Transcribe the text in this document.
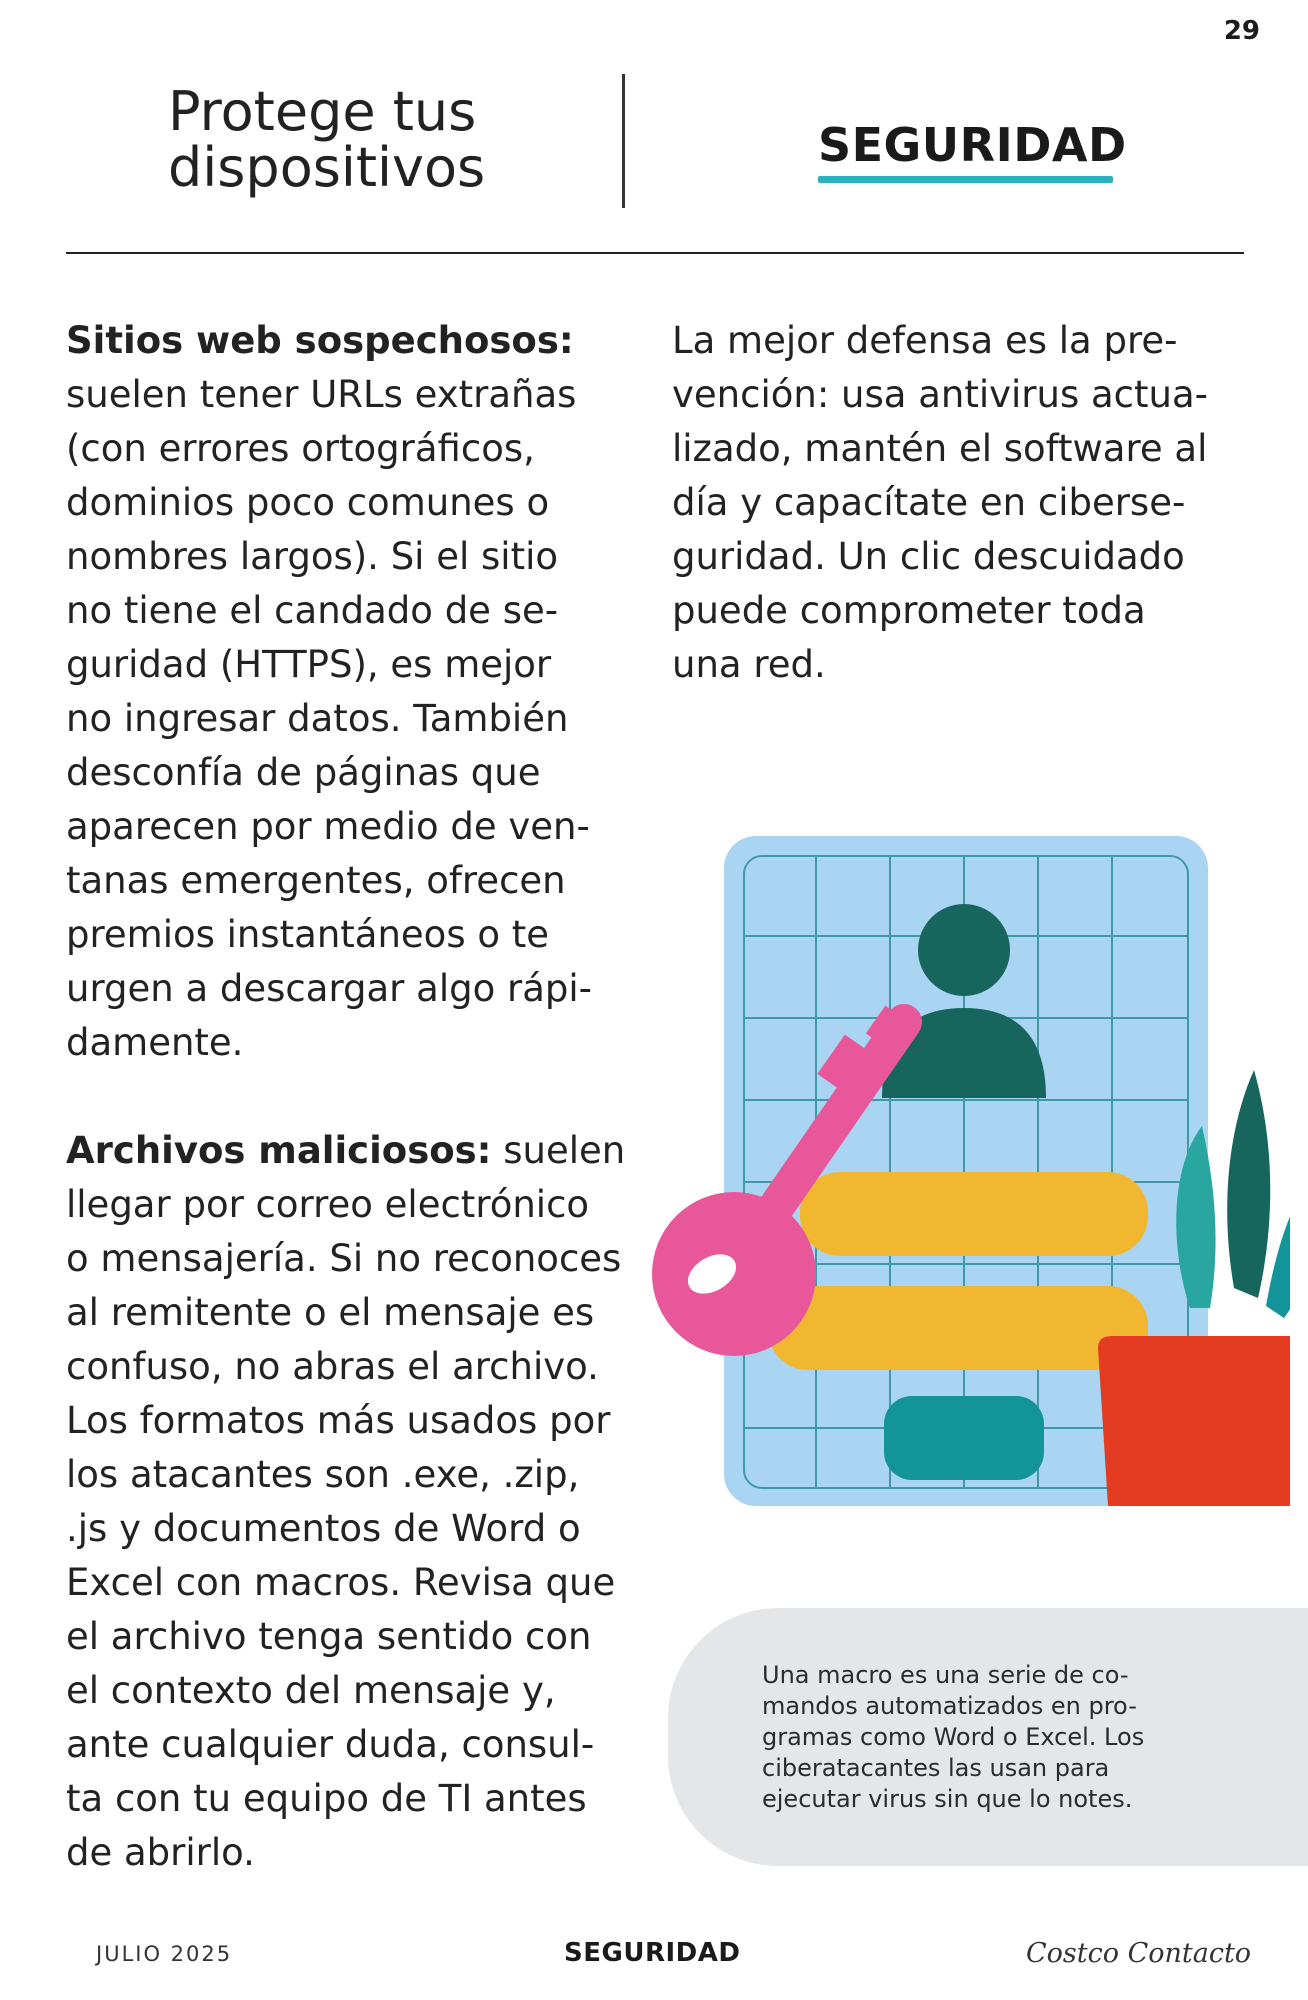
29
Protege tus
dispositivos	SEGURIDAD

Sitios web sospechosos:
suelen tener URLs extrañas
(con errores ortográficos,
dominios poco comunes o
nombres largos). Si el sitio
no tiene el candado de se-
guridad (HTTPS), es mejor
no ingresar datos. También
desconfía de páginas que
aparecen por medio de ven-
tanas emergentes, ofrecen
premios instantáneos o te
urgen a descargar algo rápi-
damente.

Archivos maliciosos: suelen
llegar por correo electrónico
o mensajería. Si no reconoces
al remitente o el mensaje es
confuso, no abras el archivo.
Los formatos más usados por
los atacantes son .exe, .zip,
.js y documentos de Word o
Excel con macros. Revisa que
el archivo tenga sentido con
el contexto del mensaje y,
ante cualquier duda, consul-
ta con tu equipo de TI antes
de abrirlo.

La mejor defensa es la pre-
vención: usa antivirus actua-
lizado, mantén el software al
día y capacítate en ciberse-
guridad. Un clic descuidado
puede comprometer toda
una red.

Una macro es una serie de co-
mandos automatizados en pro-
gramas como Word o Excel. Los
ciberatacantes las usan para
ejecutar virus sin que lo notes.
JULIO 2025	SEGURIDAD	Costco Contacto
